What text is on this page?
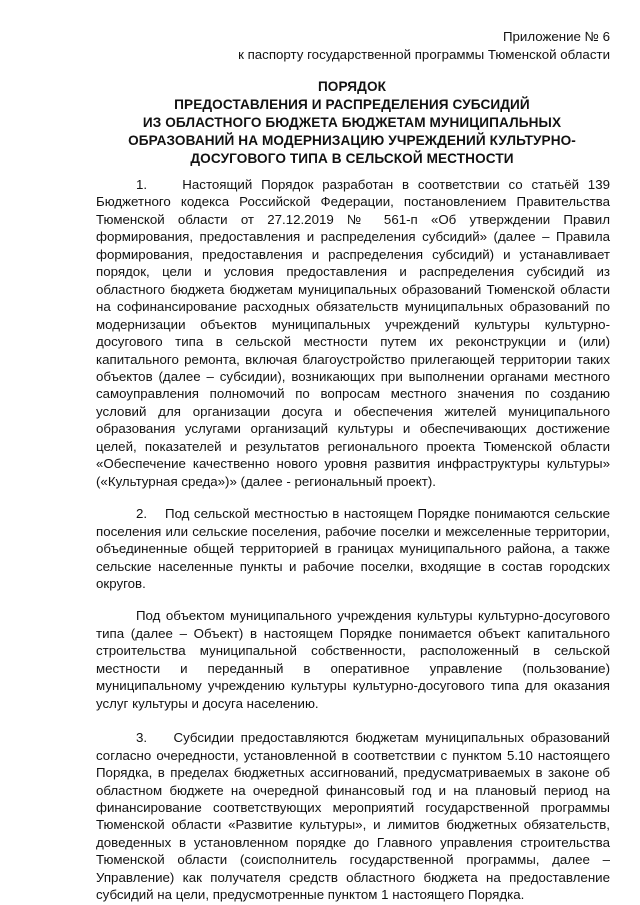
Приложение № 6
к паспорту государственной программы Тюменской области
ПОРЯДОК
ПРЕДОСТАВЛЕНИЯ И РАСПРЕДЕЛЕНИЯ СУБСИДИЙ
ИЗ ОБЛАСТНОГО БЮДЖЕТА БЮДЖЕТАМ МУНИЦИПАЛЬНЫХ
ОБРАЗОВАНИЙ НА МОДЕРНИЗАЦИЮ УЧРЕЖДЕНИЙ КУЛЬТУРНО-
ДОСУГОВОГО ТИПА В СЕЛЬСКОЙ МЕСТНОСТИ

1.    Настоящий Порядок разработан в соответствии со статьёй 139 Бюджетного кодекса Российской Федерации, постановлением Правительства Тюменской области от 27.12.2019 № 561-п «Об утверждении Правил формирования, предоставления и распределения субсидий» (далее – Правила формирования, предоставления и распределения субсидий) и устанавливает порядок, цели и условия предоставления и распределения субсидий из областного бюджета бюджетам муниципальных образований Тюменской области на софинансирование расходных обязательств муниципальных образований по модернизации объектов муниципальных учреждений культуры культурно-досугового типа в сельской местности путем их реконструкции и (или) капитального ремонта, включая благоустройство прилегающей территории таких объектов (далее – субсидии), возникающих при выполнении органами местного самоуправления полномочий по вопросам местного значения по созданию условий для организации досуга и обеспечения жителей муниципального образования услугами организаций культуры и обеспечивающих достижение целей, показателей и результатов регионального проекта Тюменской области «Обеспечение качественно нового уровня развития инфраструктуры культуры» («Культурная среда»)» (далее - региональный проект).

2.    Под сельской местностью в настоящем Порядке понимаются сельские поселения или сельские поселения, рабочие поселки и межселенные территории, объединенные общей территорией в границах муниципального района, а также сельские населенные пункты и рабочие поселки, входящие в состав городских округов.

Под объектом муниципального учреждения культуры культурно-досугового типа (далее – Объект) в настоящем Порядке понимается объект капитального строительства муниципальной собственности, расположенный в сельской местности и переданный в оперативное управление (пользование) муниципальному учреждению культуры культурно-досугового типа для оказания услуг культуры и досуга населению.

3.    Субсидии предоставляются бюджетам муниципальных образований согласно очередности, установленной в соответствии с пунктом 5.10 настоящего Порядка, в пределах бюджетных ассигнований, предусматриваемых в законе об областном бюджете на очередной финансовый год и на плановый период на финансирование соответствующих мероприятий государственной программы Тюменской области «Развитие культуры», и лимитов бюджетных обязательств, доведенных в установленном порядке до Главного управления строительства Тюменской области (соисполнитель государственной программы, далее – Управление) как получателя средств областного бюджета на предоставление субсидий на цели, предусмотренные пунктом 1 настоящего Порядка.
